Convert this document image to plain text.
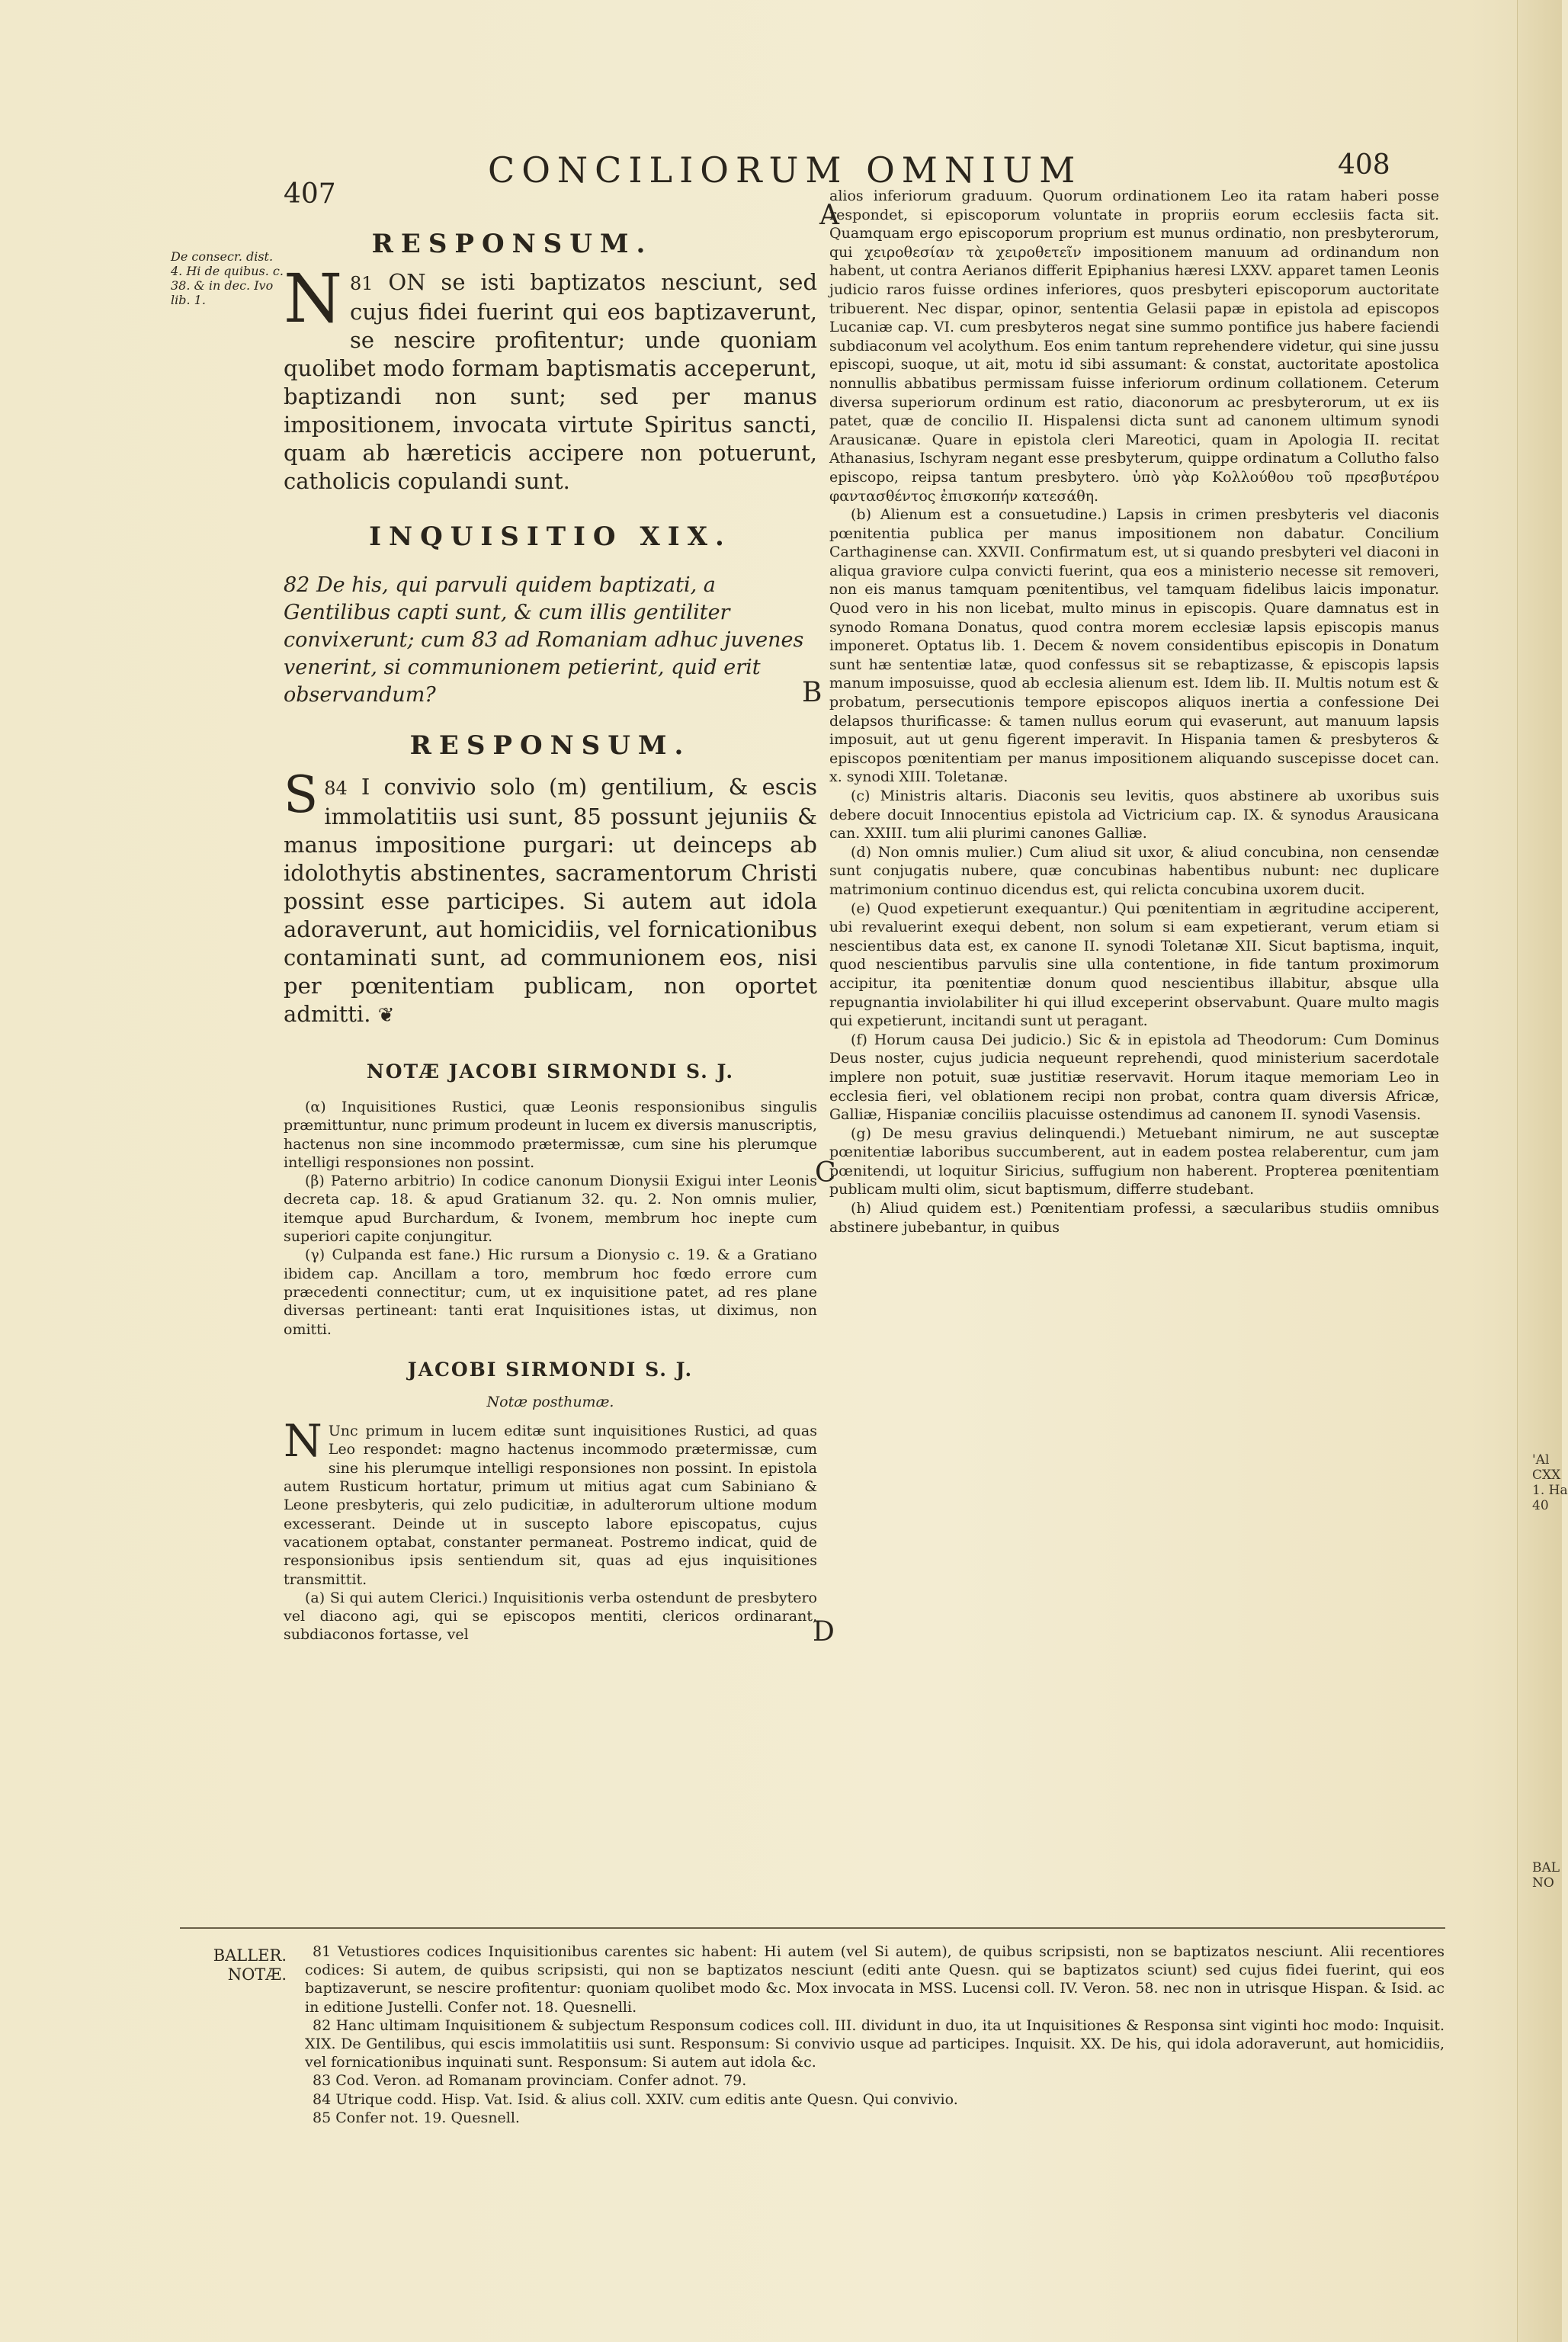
'Al
CXX
1. Ha
40
BAL
NO
407
CONCILIORUM OMNIUM	408
De consecr. dist. 4. Hi de quibus. c. 38. & in dec. Ivo lib. 1.
A
B
C
D
RESPONSUM.

81
N ON se isti baptizatos nesciunt, sed cujus fidei fuerint qui eos baptizaverunt, se nescire profitentur; unde quoniam quolibet modo formam baptismatis acceperunt, baptizandi non sunt; sed per manus impositionem, invocata virtute Spiritus sancti, quam ab hæreticis accipere non potuerunt, catholicis copulandi sunt.

INQUISITIO XIX.

82 De his, qui parvuli quidem baptizati, a Gentilibus capti sunt, & cum illis gentiliter convixerunt; cum 83 ad Romaniam adhuc juvenes venerint, si communionem petierint, quid erit observandum?

RESPONSUM.

84
S I convivio solo (m) gentilium, & escis immolatitiis usi sunt, 85 possunt jejuniis & manus impositione purgari: ut deinceps ab idolothytis abstinentes, sacramentorum Christi possint esse participes. Si autem aut idola adoraverunt, aut homicidiis, vel fornicationibus contaminati sunt, ad communionem eos, nisi per pœnitentiam publicam, non oportet admitti. ❦

NOTÆ JACOBI SIRMONDI S. J.

(α) Inquisitiones Rustici, quæ Leonis responsionibus singulis præmittuntur, nunc primum prodeunt in lucem ex diversis manuscriptis, hactenus non sine incommodo prætermissæ, cum sine his plerumque intelligi responsiones non possint.

(β) Paterno arbitrio) In codice canonum Dionysii Exigui inter Leonis decreta cap. 18. & apud Gratianum 32. qu. 2. Non omnis mulier, itemque apud Burchardum, & Ivonem, membrum hoc inepte cum superiori capite conjungitur.

(γ) Culpanda est fane.) Hic rursum a Dionysio c. 19. & a Gratiano ibidem cap. Ancillam a toro, membrum hoc fœdo errore cum præcedenti connectitur; cum, ut ex inquisitione patet, ad res plane diversas pertineant: tanti erat Inquisitiones istas, ut diximus, non omitti.

JACOBI SIRMONDI S. J.

Notæ posthumæ.

N Unc primum in lucem editæ sunt inquisitiones Rustici, ad quas Leo respondet: magno hactenus incommodo prætermissæ, cum sine his plerumque intelligi responsiones non possint. In epistola autem Rusticum hortatur, primum ut mitius agat cum Sabiniano & Leone presbyteris, qui zelo pudicitiæ, in adulterorum ultione modum excesserant. Deinde ut in suscepto labore episcopatus, cujus vacationem optabat, constanter permaneat. Postremo indicat, quid de responsionibus ipsis sentiendum sit, quas ad ejus inquisitiones transmittit.

(a) Si qui autem Clerici.) Inquisitionis verba ostendunt de presbytero vel diacono agi, qui se episcopos mentiti, clericos ordinarant, subdiaconos fortasse, vel

alios inferiorum graduum. Quorum ordinationem Leo ita ratam haberi posse respondet, si episcoporum voluntate in propriis eorum ecclesiis facta sit. Quamquam ergo episcoporum proprium est munus ordinatio, non presbyterorum, qui χειροθεσίαν τὰ χειροθετεῖν impositionem manuum ad ordinandum non habent, ut contra Aerianos differit Epiphanius hæresi LXXV. apparet tamen Leonis judicio raros fuisse ordines inferiores, quos presbyteri episcoporum auctoritate tribuerent. Nec dispar, opinor, sententia Gelasii papæ in epistola ad episcopos Lucaniæ cap. VI. cum presbyteros negat sine summo pontifice jus habere faciendi subdiaconum vel acolythum. Eos enim tantum reprehendere videtur, qui sine jussu episcopi, suoque, ut ait, motu id sibi assumant: & constat, auctoritate apostolica nonnullis abbatibus permissam fuisse inferiorum ordinum collationem. Ceterum diversa superiorum ordinum est ratio, diaconorum ac presbyterorum, ut ex iis patet, quæ de concilio II. Hispalensi dicta sunt ad canonem ultimum synodi Arausicanæ. Quare in epistola cleri Mareotici, quam in Apologia II. recitat Athanasius, Ischyram negant esse presbyterum, quippe ordinatum a Collutho falso episcopo, reipsa tantum presbytero. ὑπὸ γὰρ Κολλούθου τοῦ πρεσβυτέρου φαντασθέντος ἐπισκοπήν κατεσάθη.

(b) Alienum est a consuetudine.) Lapsis in crimen presbyteris vel diaconis pœnitentia publica per manus impositionem non dabatur. Concilium Carthaginense can. XXVII. Confirmatum est, ut si quando presbyteri vel diaconi in aliqua graviore culpa convicti fuerint, qua eos a ministerio necesse sit removeri, non eis manus tamquam pœnitentibus, vel tamquam fidelibus laicis imponatur. Quod vero in his non licebat, multo minus in episcopis. Quare damnatus est in synodo Romana Donatus, quod contra morem ecclesiæ lapsis episcopis manus imponeret. Optatus lib. 1. Decem & novem considentibus episcopis in Donatum sunt hæ sententiæ latæ, quod confessus sit se rebaptizasse, & episcopis lapsis manum imposuisse, quod ab ecclesia alienum est. Idem lib. II. Multis notum est & probatum, persecutionis tempore episcopos aliquos inertia a confessione Dei delapsos thurificasse: & tamen nullus eorum qui evaserunt, aut manuum lapsis imposuit, aut ut genu figerent imperavit. In Hispania tamen & presbyteros & episcopos pœnitentiam per manus impositionem aliquando suscepisse docet can. x. synodi XIII. Toletanæ.

(c) Ministris altaris. Diaconis seu levitis, quos abstinere ab uxoribus suis debere docuit Innocentius epistola ad Victricium cap. IX. & synodus Arausicana can. XXIII. tum alii plurimi canones Galliæ.

(d) Non omnis mulier.) Cum aliud sit uxor, & aliud concubina, non censendæ sunt conjugatis nubere, quæ concubinas habentibus nubunt: nec duplicare matrimonium continuo dicendus est, qui relicta concubina uxorem ducit.

(e) Quod expetierunt exequantur.) Qui pœnitentiam in ægritudine acciperent, ubi revaluerint exequi debent, non solum si eam expetierant, verum etiam si nescientibus data est, ex canone II. synodi Toletanæ XII. Sicut baptisma, inquit, quod nescientibus parvulis sine ulla contentione, in fide tantum proximorum accipitur, ita pœnitentiæ donum quod nescientibus illabitur, absque ulla repugnantia inviolabiliter hi qui illud exceperint observabunt. Quare multo magis qui expetierunt, incitandi sunt ut peragant.

(f) Horum causa Dei judicio.) Sic & in epistola ad Theodorum: Cum Dominus Deus noster, cujus judicia nequeunt reprehendi, quod ministerium sacerdotale implere non potuit, suæ justitiæ reservavit. Horum itaque memoriam Leo in ecclesia fieri, vel oblationem recipi non probat, contra quam diversis Africæ, Galliæ, Hispaniæ conciliis placuisse ostendimus ad canonem II. synodi Vasensis.

(g) De mesu gravius delinquendi.) Metuebant nimirum, ne aut susceptæ pœnitentiæ laboribus succumberent, aut in eadem postea relaberentur, cum jam pœnitendi, ut loquitur Siricius, suffugium non haberent. Propterea pœnitentiam publicam multi olim, sicut baptismum, differre studebant.

(h) Aliud quidem est.) Pœnitentiam professi, a sæcularibus studiis omnibus abstinere jubebantur, in quibus

BALLER. NOTÆ.

81 Vetustiores codices Inquisitionibus carentes sic habent: Hi autem (vel Si autem), de quibus scripsisti, non se baptizatos nesciunt. Alii recentiores codices: Si autem, de quibus scripsisti, qui non se baptizatos nesciunt (editi ante Quesn. qui se baptizatos sciunt) sed cujus fidei fuerint, qui eos baptizaverunt, se nescire profitentur: quoniam quolibet modo &c. Mox invocata in MSS. Lucensi coll. IV. Veron. 58. nec non in utrisque Hispan. & Isid. ac in editione Justelli. Confer not. 18. Quesnelli.

82 Hanc ultimam Inquisitionem & subjectum Responsum codices coll. III. dividunt in duo, ita ut Inquisitiones & Responsa sint viginti hoc modo: Inquisit. XIX. De Gentilibus, qui escis immolatitiis usi sunt. Responsum: Si convivio usque ad participes. Inquisit. XX. De his, qui idola adoraverunt, aut homicidiis, vel fornicationibus inquinati sunt. Responsum: Si autem aut idola &c.

83 Cod. Veron. ad Romanam provinciam. Confer adnot. 79.

84 Utrique codd. Hisp. Vat. Isid. & alius coll. XXIV. cum editis ante Quesn. Qui convivio.

85 Confer not. 19. Quesnell.
